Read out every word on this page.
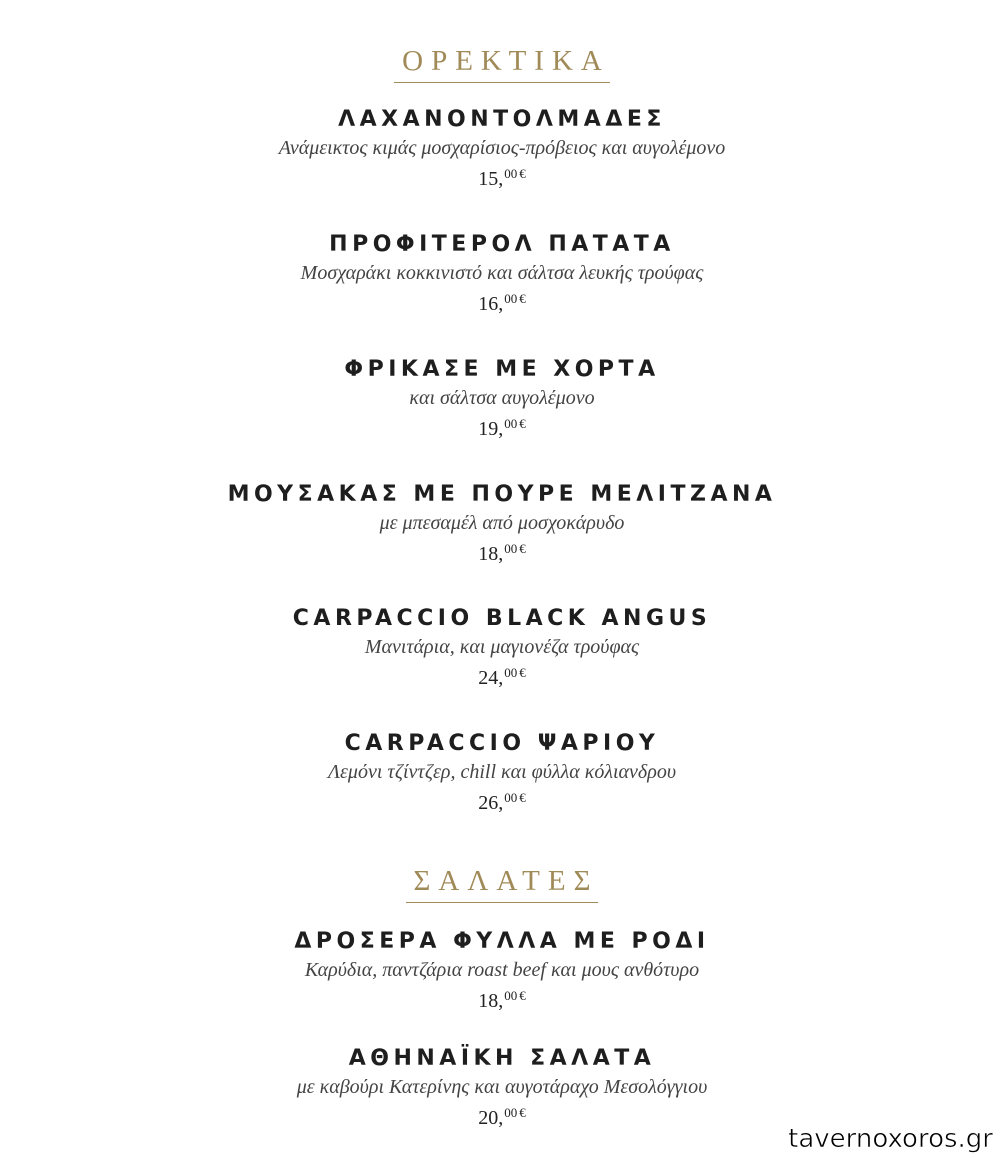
ΟΡΕΚΤΙΚΑ
ΛΑΧΑΝΟΝΤΟΛΜΑΔΕΣ
Ανάμεικτος κιμάς μοσχαρίσιος-πρόβειος και αυγολέμονο
15,00 €
ΠΡΟΦΙΤΕΡΟΛ ΠΑΤΑΤΑ
Μοσχαράκι κοκκινιστό και σάλτσα λευκής τρούφας
16,00 €
ΦΡΙΚΑΣΕ ΜΕ ΧΟΡΤΑ
και σάλτσα αυγολέμονο
19,00 €
ΜΟΥΣΑΚΑΣ ΜΕ ΠΟΥΡΕ ΜΕΛΙΤΖΑΝΑ
με μπεσαμέλ από μοσχοκάρυδο
18,00 €
CARPACCIO BLACK ANGUS
Μανιτάρια, και μαγιονέζα τρούφας
24,00 €
CARPACCIO ΨΑΡΙΟΥ
Λεμόνι τζίντζερ, chill και φύλλα κόλιανδρου
26,00 €
ΣΑΛΑΤΕΣ
ΔΡΟΣΕΡΑ ΦΥΛΛΑ ΜΕ ΡΟΔΙ
Καρύδια, παντζάρια roast beef και μους ανθότυρο
18,00 €
ΑΘΗΝΑΪΚΗ ΣΑΛΑΤΑ
με καβούρι Κατερίνης και αυγοτάραχο Μεσολόγγιου
20,00 €
tavernoxoros.gr
